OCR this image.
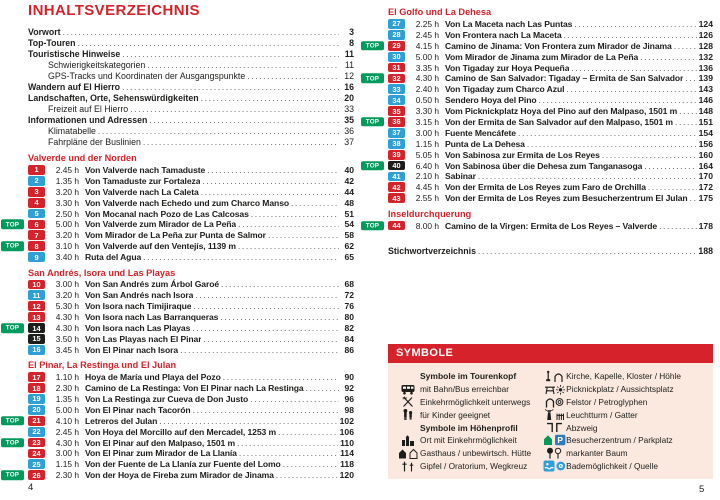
INHALTSVERZEICHNIS
Vorwort .....	3
Top-Touren .....	8
Touristische Hinweise .....	11
Schwierigkeitskategorien .....	11
GPS-Tracks und Koordinaten der Ausgangspunkte .....	12
Wandern auf El Hierro .....	16
Landschaften, Orte, Sehenswürdigkeiten .....	20
Freizeit auf El Hierro .....	33
Informationen und Adressen .....	35
Klimatabelle .....	36
Fahrpläne der Buslinien .....	37
Valverde und der Norden
1	2.45 h Von Valverde nach Tamaduste .....	40
2	1.35 h Von Tamaduste zur Fortaleza .....	42
3	3.20 h Von Valverde nach La Caleta .....	44
4	3.30 h Von Valverde nach Echedo und zum Charco Manso .....	48
5	2.50 h Von Mocanal nach Pozo de Las Calcosas .....	51
TOP	6	5.00 h Von Valverde zum Mirador de La Peña .....	54
7	3.20 h Vom Mirador de La Peña zur Punta de Salmor .....	58
TOP	8	3.10 h Von Valverde auf den Ventejís, 1139 m .....	62
9	3.40 h Ruta del Agua .....	65
San Andrés, Isora und Las Playas
10	3.00 h Von San Andrés zum Árbol Garoé .....	68
11	3.20 h Von San Andrés nach Isora .....	72
12	5.30 h Von Isora nach Timijiraque .....	76
13	4.30 h Von Isora nach Las Barranqueras .....	80
TOP	14	4.30 h Von Isora nach Las Playas .....	82
15	3.50 h Von Las Playas nach El Pinar .....	84
16	3.45 h Von El Pinar nach Isora .....	86
El Pinar, La Restinga und El Julan
17	1.10 h Hoya de María und Playa del Pozo .....	90
18	2.30 h Camino de La Restinga: Von El Pinar nach La Restinga .....	92
19	1.35 h Von La Restinga zur Cueva de Don Justo .....	96
20	5.00 h Von El Pinar nach Tacorón .....	98
TOP	21	4.10 h Letreros del Julan .....	102
22	2.45 h Von Hoya del Morcillo auf den Mercadel, 1253 m .....	106
TOP	23	4.30 h Von El Pinar auf den Malpaso, 1501 m .....	110
24	3.00 h Von El Pinar zum Mirador de La Llanía .....	114
25	1.15 h Von der Fuente de La Llanía zur Fuente del Lomo .....	118
TOP	26	2.30 h Von der Hoya de Fireba zum Mirador de Jinama .....	120
El Golfo und La Dehesa
27	2.25 h Von La Maceta nach Las Puntas .....	124
28	2.45 h Von Frontera nach La Maceta .....	126
TOP	29	4.15 h Camino de Jinama: Von Frontera zum Mirador de Jinama .....	128
30	5.00 h Vom Mirador de Jinama zum Mirador de La Peña .....	132
31	3.35 h Von Tigaday zur Hoya Pequeña .....	136
TOP	32	4.30 h Camino de San Salvador: Tigaday – Ermita de San Salvador ..... 139
33	2.40 h Von Tigaday zum Charco Azul .....	143
34	0.50 h Sendero Hoya del Pino .....	146
35	3.30 h Vom Picknickplatz Hoya del Pino auf den Malpaso, 1501 m ..... 148
TOP	36	3.15 h Von der Ermita de San Salvador auf den Malpaso, 1501 m .....	151
37	3.00 h Fuente Mencáfete .....	154
38	1.15 h Punta de La Dehesa .....	156
39	5.05 h Von Sabinosa zur Ermita de Los Reyes .....	160
TOP	40	6.40 h Von Sabinosa über die Dehesa zum Tanganasoga .....	164
41	2.10 h Sabinar .....	170
42	4.45 h Von der Ermita de Los Reyes zum Faro de Orchilla .....	172
43	2.55 h Von der Ermita de Los Reyes zum Besucherzentrum El Julan ..... 175
Inseldurchquerung
TOP	44	8.00 h Camino de la Virgen: Ermita de Los Reyes – Valverde .....	178
Stichwortverzeichnis .....	188
SYMBOLE
Symbole im Tourenkopf
mit Bahn/Bus erreichbar
Einkehrmöglichkeit unterwegs
für Kinder geeignet
Symbole im Höhenprofil
Ort mit Einkehrmöglichkeit
Gasthaus / unbewirtsch. Hütte
Gipfel / Oratorium, Wegkreuz
Kirche, Kapelle, Kloster / Höhle
Picknickplatz / Aussichtsplatz
Felstor / Petroglyphen
Leuchtturm / Gatter
Abzweig
P Besucherzentrum / Parkplatz
markanter Baum
Bademöglichkeit / Quelle
4	5
